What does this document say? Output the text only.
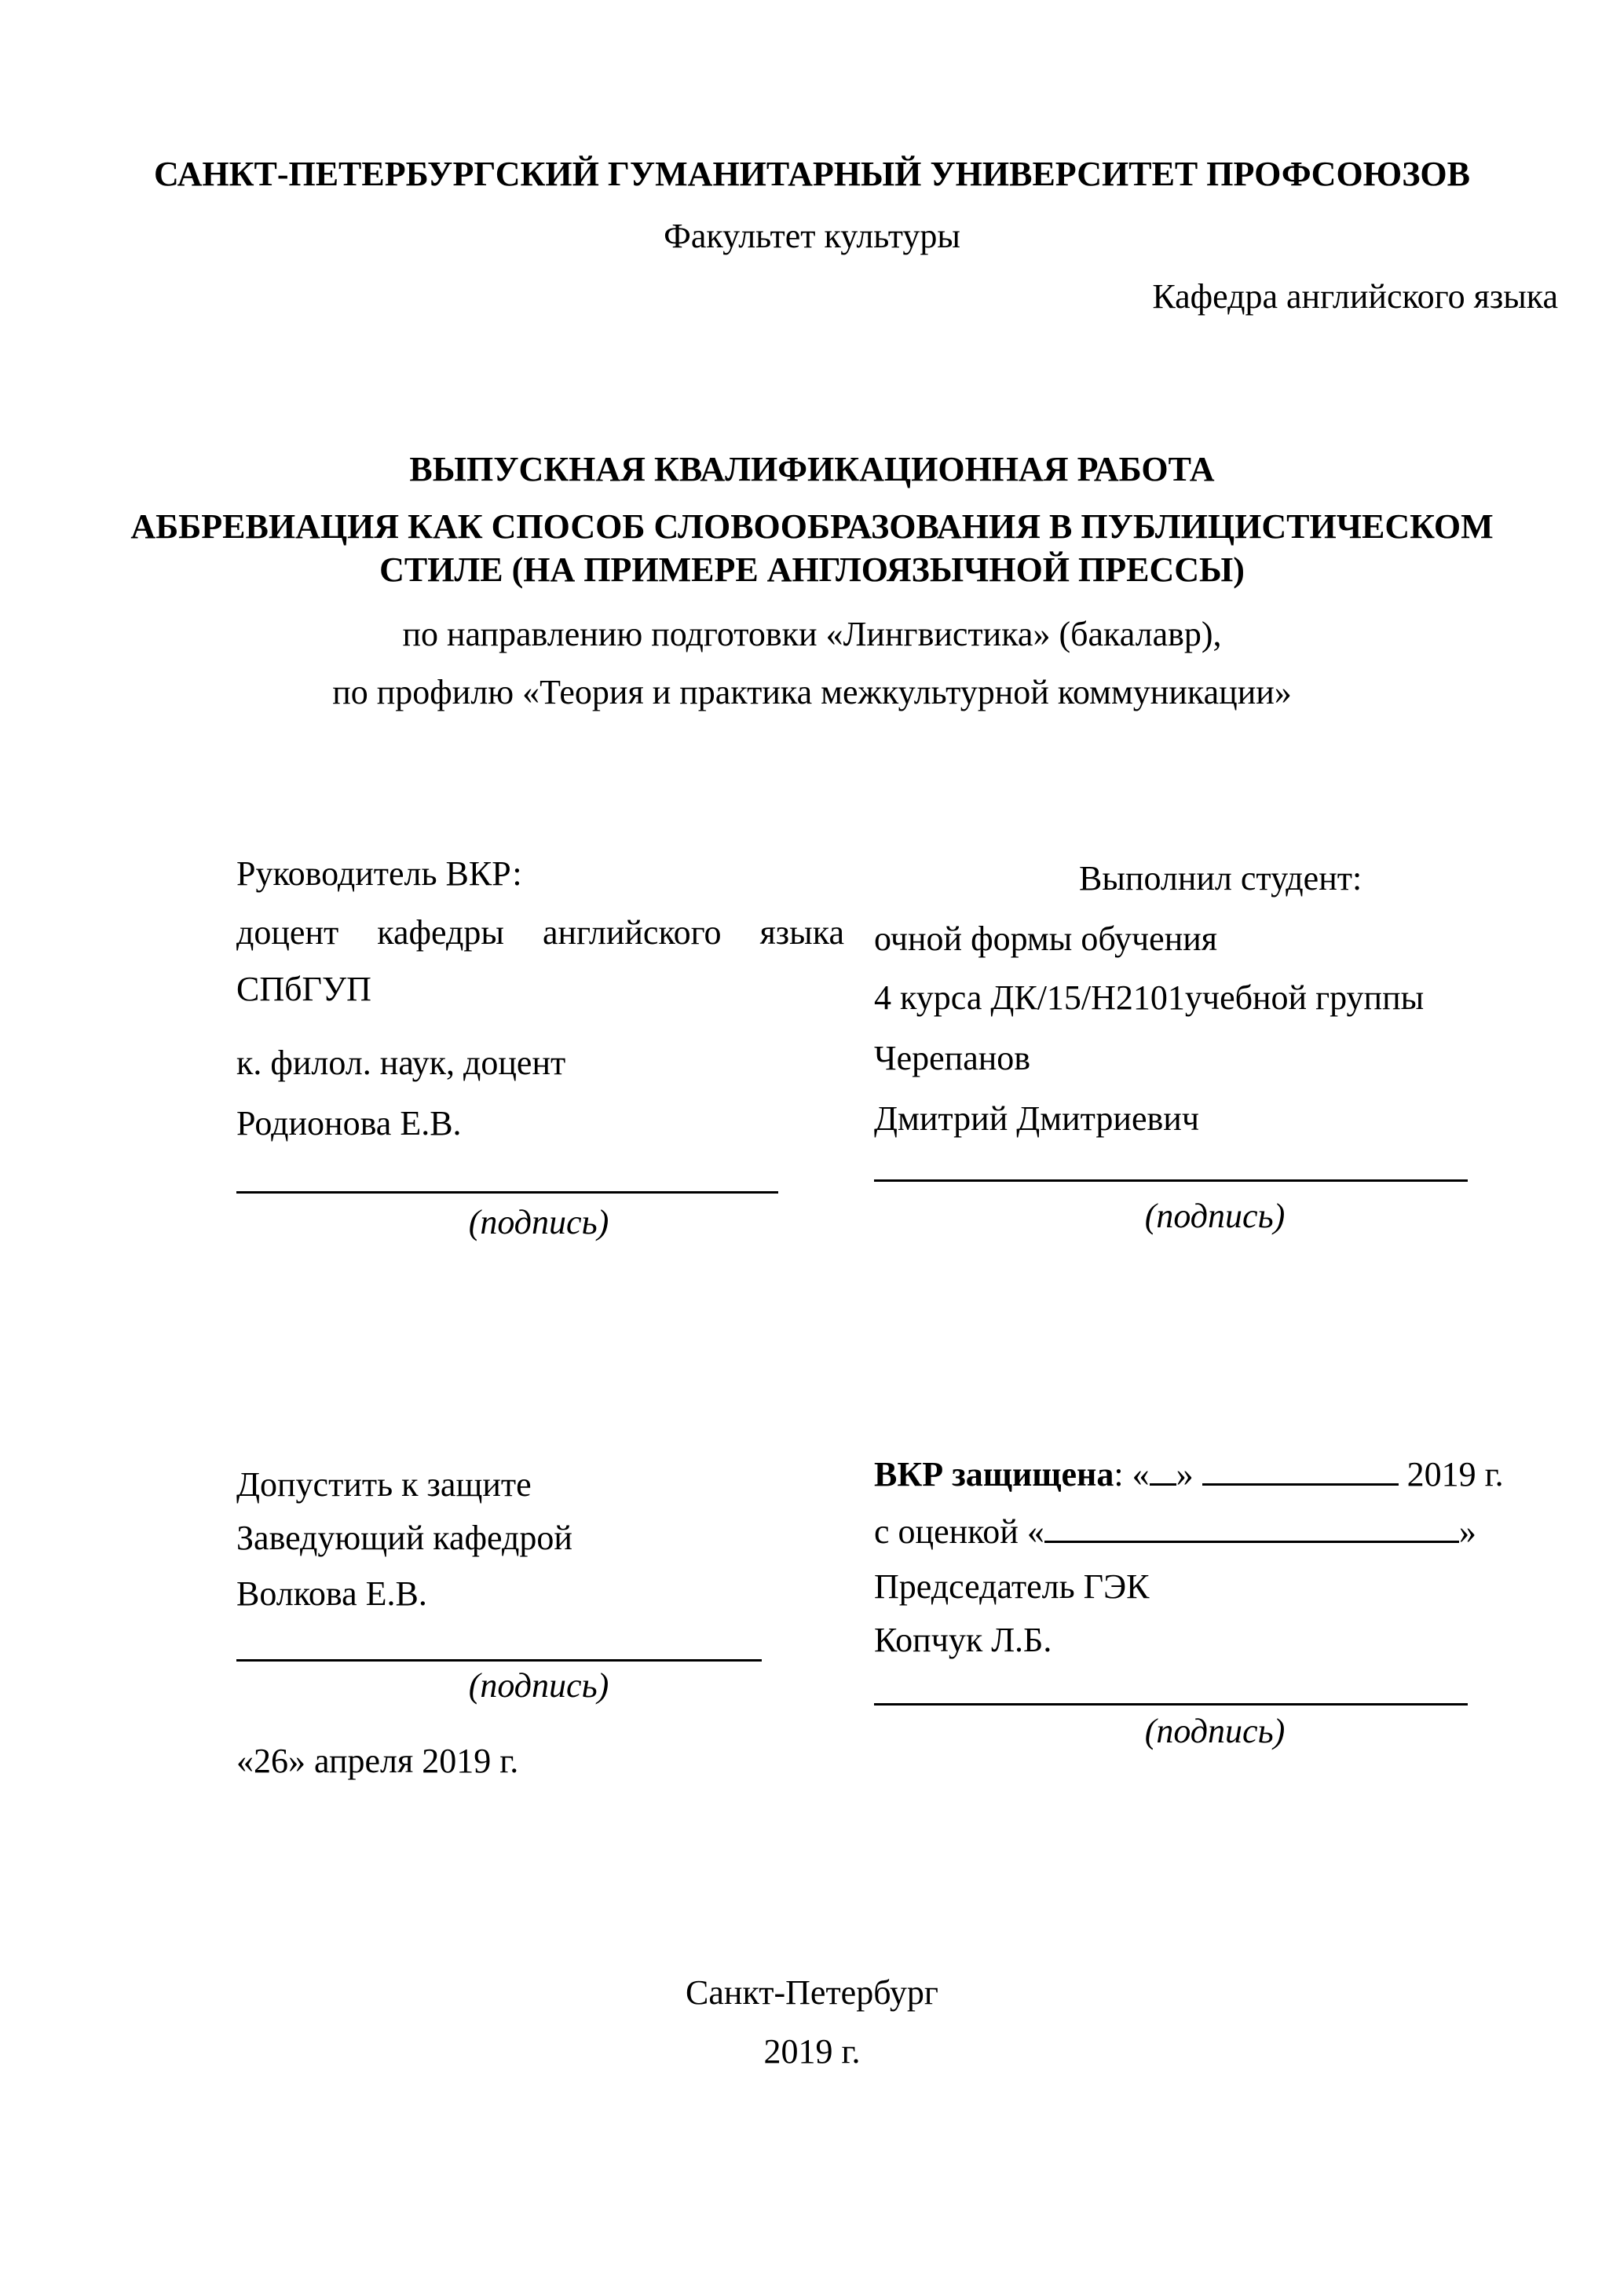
САНКТ-ПЕТЕРБУРГСКИЙ ГУМАНИТАРНЫЙ УНИВЕРСИТЕТ ПРОФСОЮЗОВ
Факультет культуры
Кафедра английского языка
ВЫПУСКНАЯ КВАЛИФИКАЦИОННАЯ РАБОТА
АББРЕВИАЦИЯ КАК СПОСОБ СЛОВООБРАЗОВАНИЯ В ПУБЛИЦИСТИЧЕСКОМ
СТИЛЕ (НА ПРИМЕРЕ АНГЛОЯЗЫЧНОЙ ПРЕССЫ)
по направлению подготовки «Лингвистика» (бакалавр),
по профилю «Теория и практика межкультурной коммуникации»
Руководитель ВКР:
доцент кафедры английского языка
СПбГУП
к. филол. наук, доцент
Родионова Е.В.
(подпись)
Выполнил студент:
очной формы обучения
4 курса ДК/15/Н2101учебной группы
Черепанов
Дмитрий Дмитриевич
(подпись)
Допустить к защите
Заведующий кафедрой
Волкова Е.В.
(подпись)
«26» апреля 2019 г.
ВКР защищена: « »	2019 г.
с оценкой «	»
Председатель ГЭК
Копчук Л.Б.
(подпись)
Санкт-Петербург
2019 г.
